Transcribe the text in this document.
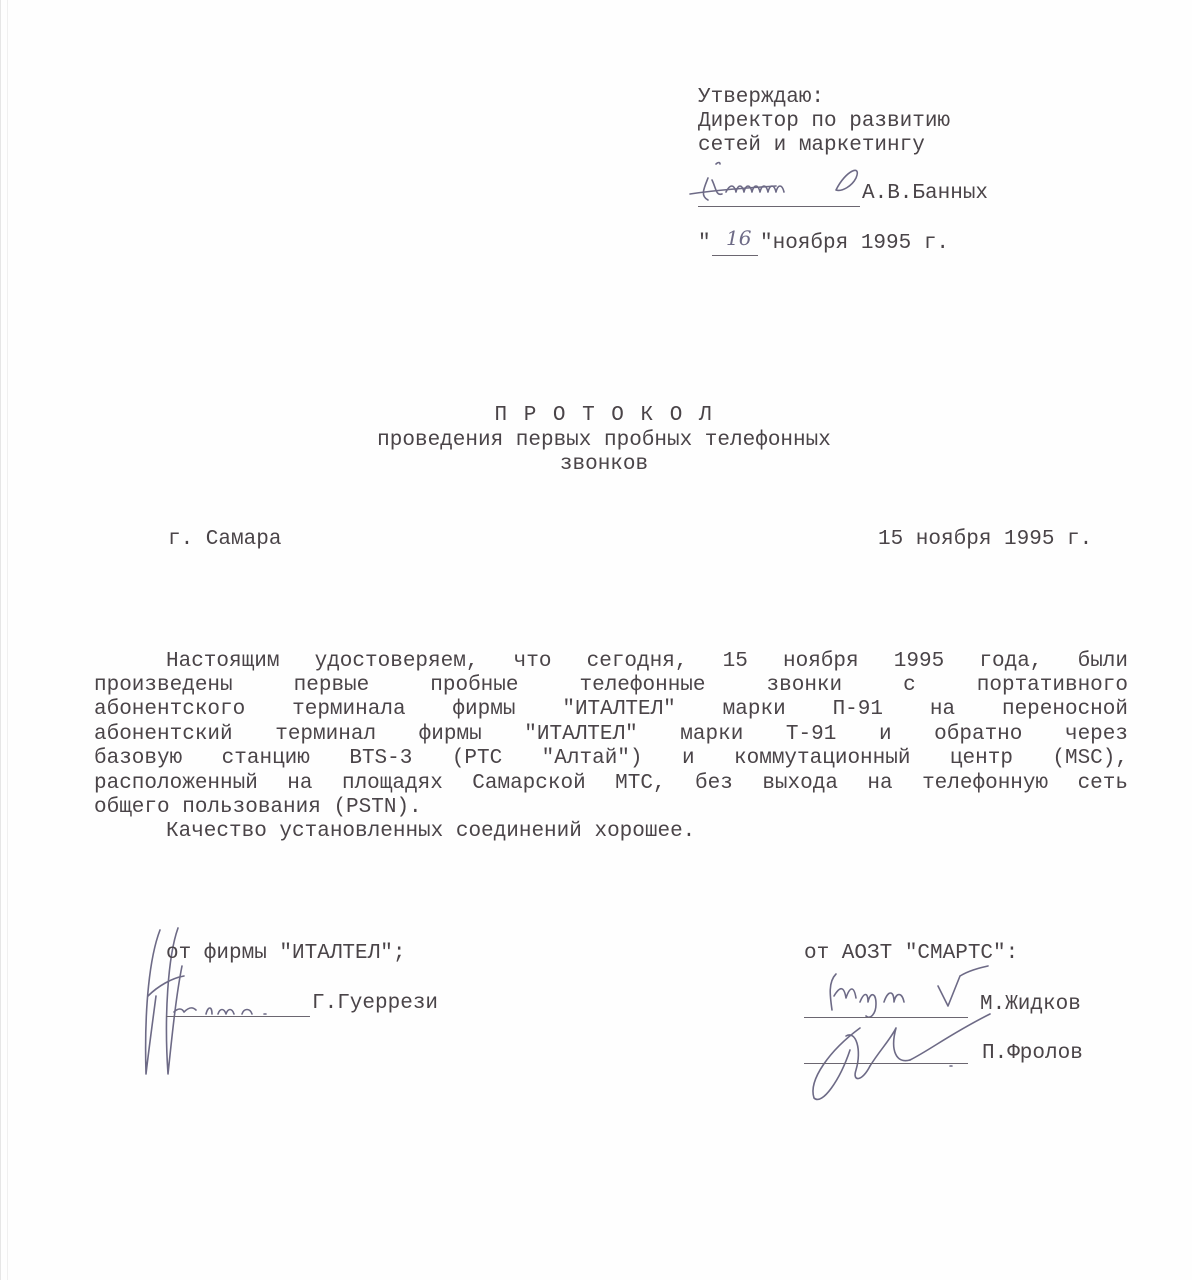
Утверждаю:
Директор по развитию
сетей и маркетингу
А.В.Банных
" 16 "ноября 1995 г.
П Р О Т О К О Л
проведения первых пробных телефонных
звонков
г. Самара	15 ноября 1995 г.
Настоящим удостоверяем, что сегодня, 15 ноября 1995 года, были
произведены первые пробные телефонные звонки с портативного
абонентского терминала фирмы "ИТАЛТЕЛ" марки П-91 на переносной
абонентский терминал фирмы "ИТАЛТЕЛ" марки Т-91 и обратно через
базовую станцию BTS-3 (РТС "Алтай") и коммутационный центр (MSC),
расположенный на площадях Самарской МТС, без выхода на телефонную сеть
общего пользования (PSTN).
Качество установленных соединений хорошее.
от фирмы "ИТАЛТЕЛ";
Г.Гуеррези
от АОЗТ "СМАРТС":
М.Жидков
П.Фролов
